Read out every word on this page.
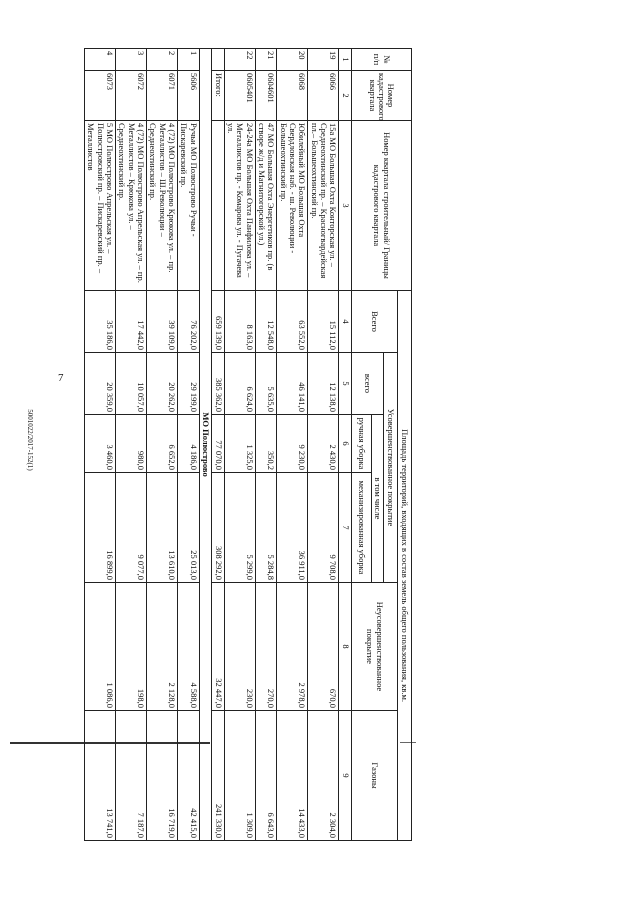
7
5001022/2017-152(1)
№ п/п	Номер кадастрового квартала	Номер квартала строительный/ Границы кадастрового квартала	Площадь территорий, входящих в состав земель общего пользования, кв.м.					
			Всего	Усовершенствованное покрытие			Неусовершенствованное покрытие	Газоны
				всего	в том числе			
					ручная уборка	механизированная уборка		
1	2	3	4	5	6	7	8	9
19	6066	15а МО Большая Охта Конторская ул. – Среднеохтинский пр. – Красногвардейская пл.– Большеохтинский пр.	15 112,0	12 138,0	2 430,0	9 708,0	670,0	2 304,0
20	6068	Юбилейный МО Большая Охта Свердловская наб. - ш. Революции - Большеохтинский пр.	63 552,0	46 141,0	9 230,0	36 911,0	2 978,0	14 433,0
21	0604601	47 МО Большая Охта Энергетиков пр. (в створе ж/д и Магнитогорской ул.)	12 548,0	5 635,0	350,2	5 284,8	270,0	6 643,0
22	0605401	24-24а МО Большая Охта Панфилова ул. –Металлистов пр. - Комарова ул. - Пугачева ул.	8 163,0	6 624,0	1 325,0	5 299,0	230,0	1 309,0
	Итого:		659 139,0	385 362,0	77 070,0	308 292,0	32 447,0	241 330,0
МО Полюстрово								
1	5606	Ручьи МО Полюстрово Ручьи - Пискаревский пр.	76 202,0	29 199,0	4 186,0	25 013,0	4 588,0	42 415,0
2	6071	4 (72) МО Полюстрово Крюкова ул. – пр. Металлистов – Ш.Революции – Среднеохтинский пр.	39 109,0	20 262,0	6 652,0	13 610,0	2 128,0	16 719,0
3	6072	4 (72) МО Полюстрово Апрельская ул. – пр. Металлистов – Крюкова ул. – Среднеохтинский пр.	17 442,0	10 057,0	980,0	9 077,0	198,0	7 187,0
4	6073	5 МО Полюстрово Апрельская ул. – Полюстровский пр. – Пискаревский пр. –Металлистов	35 186,0	20 359,0	3 460,0	16 899,0	1 086,0	13 741,0
